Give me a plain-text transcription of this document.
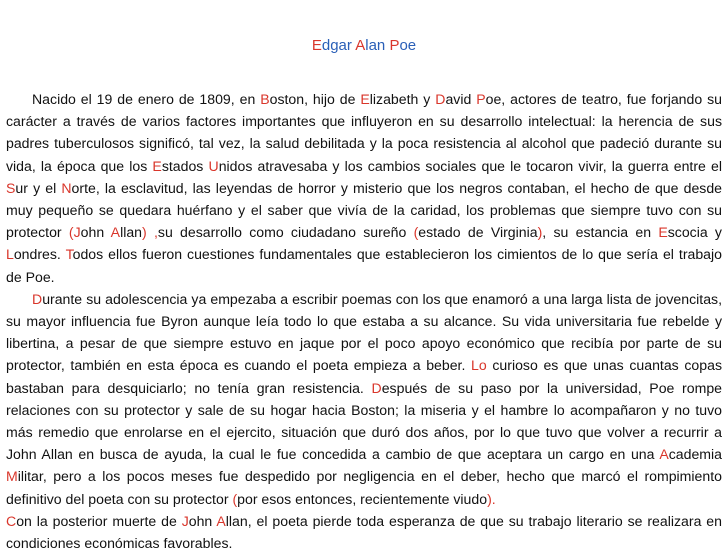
Edgar Alan Poe

Nacido el 19 de enero de 1809, en Boston, hijo de Elizabeth y David Poe, actores de teatro, fue forjando su carácter a través de varios factores importantes que influyeron en su desarrollo intelectual: la herencia de sus padres tuberculosos significó, tal vez, la salud debilitada y la poca resistencia al alcohol que padeció durante su vida, la época que los Estados Unidos atravesaba y los cambios sociales que le tocaron vivir, la guerra entre el Sur y el Norte, la esclavitud, las leyendas de horror y misterio que los negros contaban, el hecho de que desde muy pequeño se quedara huérfano y el saber que vivía de la caridad, los problemas que siempre tuvo con su protector (John Allan) ,su desarrollo como ciudadano sureño (estado de Virginia), su estancia en Escocia y Londres. Todos ellos fueron cuestiones fundamentales que establecieron los cimientos de lo que sería el trabajo de Poe.

Durante su adolescencia ya empezaba a escribir poemas con los que enamoró a una larga lista de jovencitas, su mayor influencia fue Byron aunque leía todo lo que estaba a su alcance. Su vida universitaria fue rebelde y libertina, a pesar de que siempre estuvo en jaque por el poco apoyo económico que recibía por parte de su protector, también en esta época es cuando el poeta empieza a beber. Lo curioso es que unas cuantas copas bastaban para desquiciarlo; no tenía gran resistencia. Después de su paso por la universidad, Poe rompe relaciones con su protector y sale de su hogar hacia Boston; la miseria y el hambre lo acompañaron y no tuvo más remedio que enrolarse en el ejercito, situación que duró dos años, por lo que tuvo que volver a recurrir a John Allan en busca de ayuda, la cual le fue concedida a cambio de que aceptara un cargo en una Academia Militar, pero a los pocos meses fue despedido por negligencia en el deber, hecho que marcó el rompimiento definitivo del poeta con su protector (por esos entonces, recientemente viudo).

Con la posterior muerte de John Allan, el poeta pierde toda esperanza de que su trabajo literario se realizara en condiciones económicas favorables.
